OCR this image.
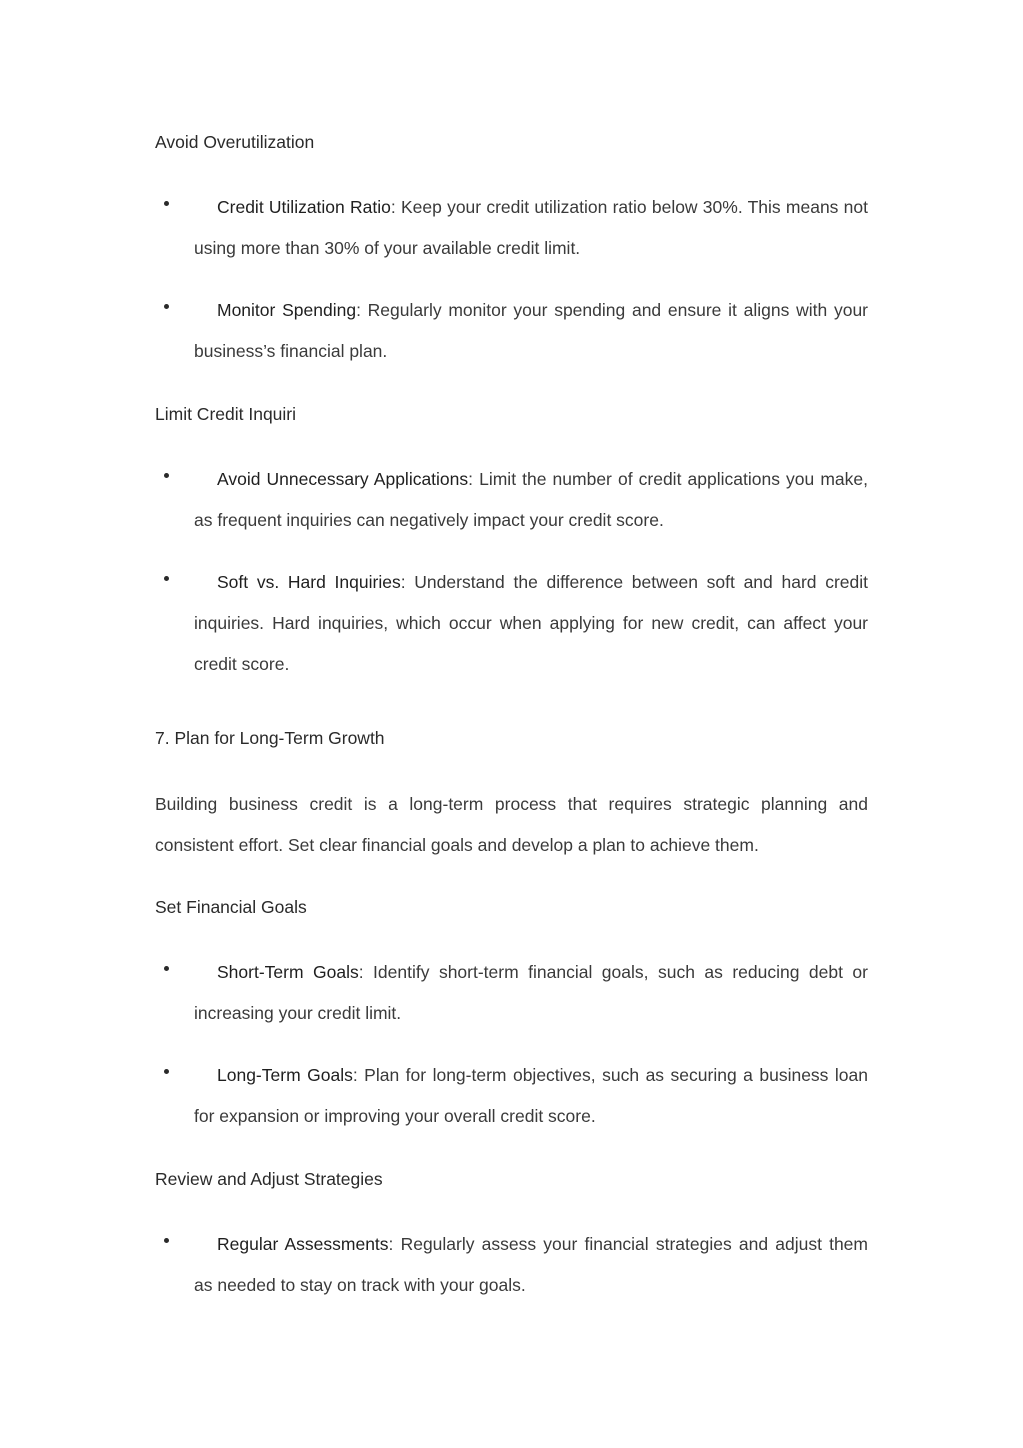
Avoid Overutilization
Credit Utilization Ratio: Keep your credit utilization ratio below 30%. This means not using more than 30% of your available credit limit.
Monitor Spending: Regularly monitor your spending and ensure it aligns with your business’s financial plan.
Limit Credit Inquiri
Avoid Unnecessary Applications: Limit the number of credit applications you make, as frequent inquiries can negatively impact your credit score.
Soft vs. Hard Inquiries: Understand the difference between soft and hard credit inquiries. Hard inquiries, which occur when applying for new credit, can affect your credit score.
7. Plan for Long-Term Growth
Building business credit is a long-term process that requires strategic planning and consistent effort. Set clear financial goals and develop a plan to achieve them.
Set Financial Goals
Short-Term Goals: Identify short-term financial goals, such as reducing debt or increasing your credit limit.
Long-Term Goals: Plan for long-term objectives, such as securing a business loan for expansion or improving your overall credit score.
Review and Adjust Strategies
Regular Assessments: Regularly assess your financial strategies and adjust them as needed to stay on track with your goals.
